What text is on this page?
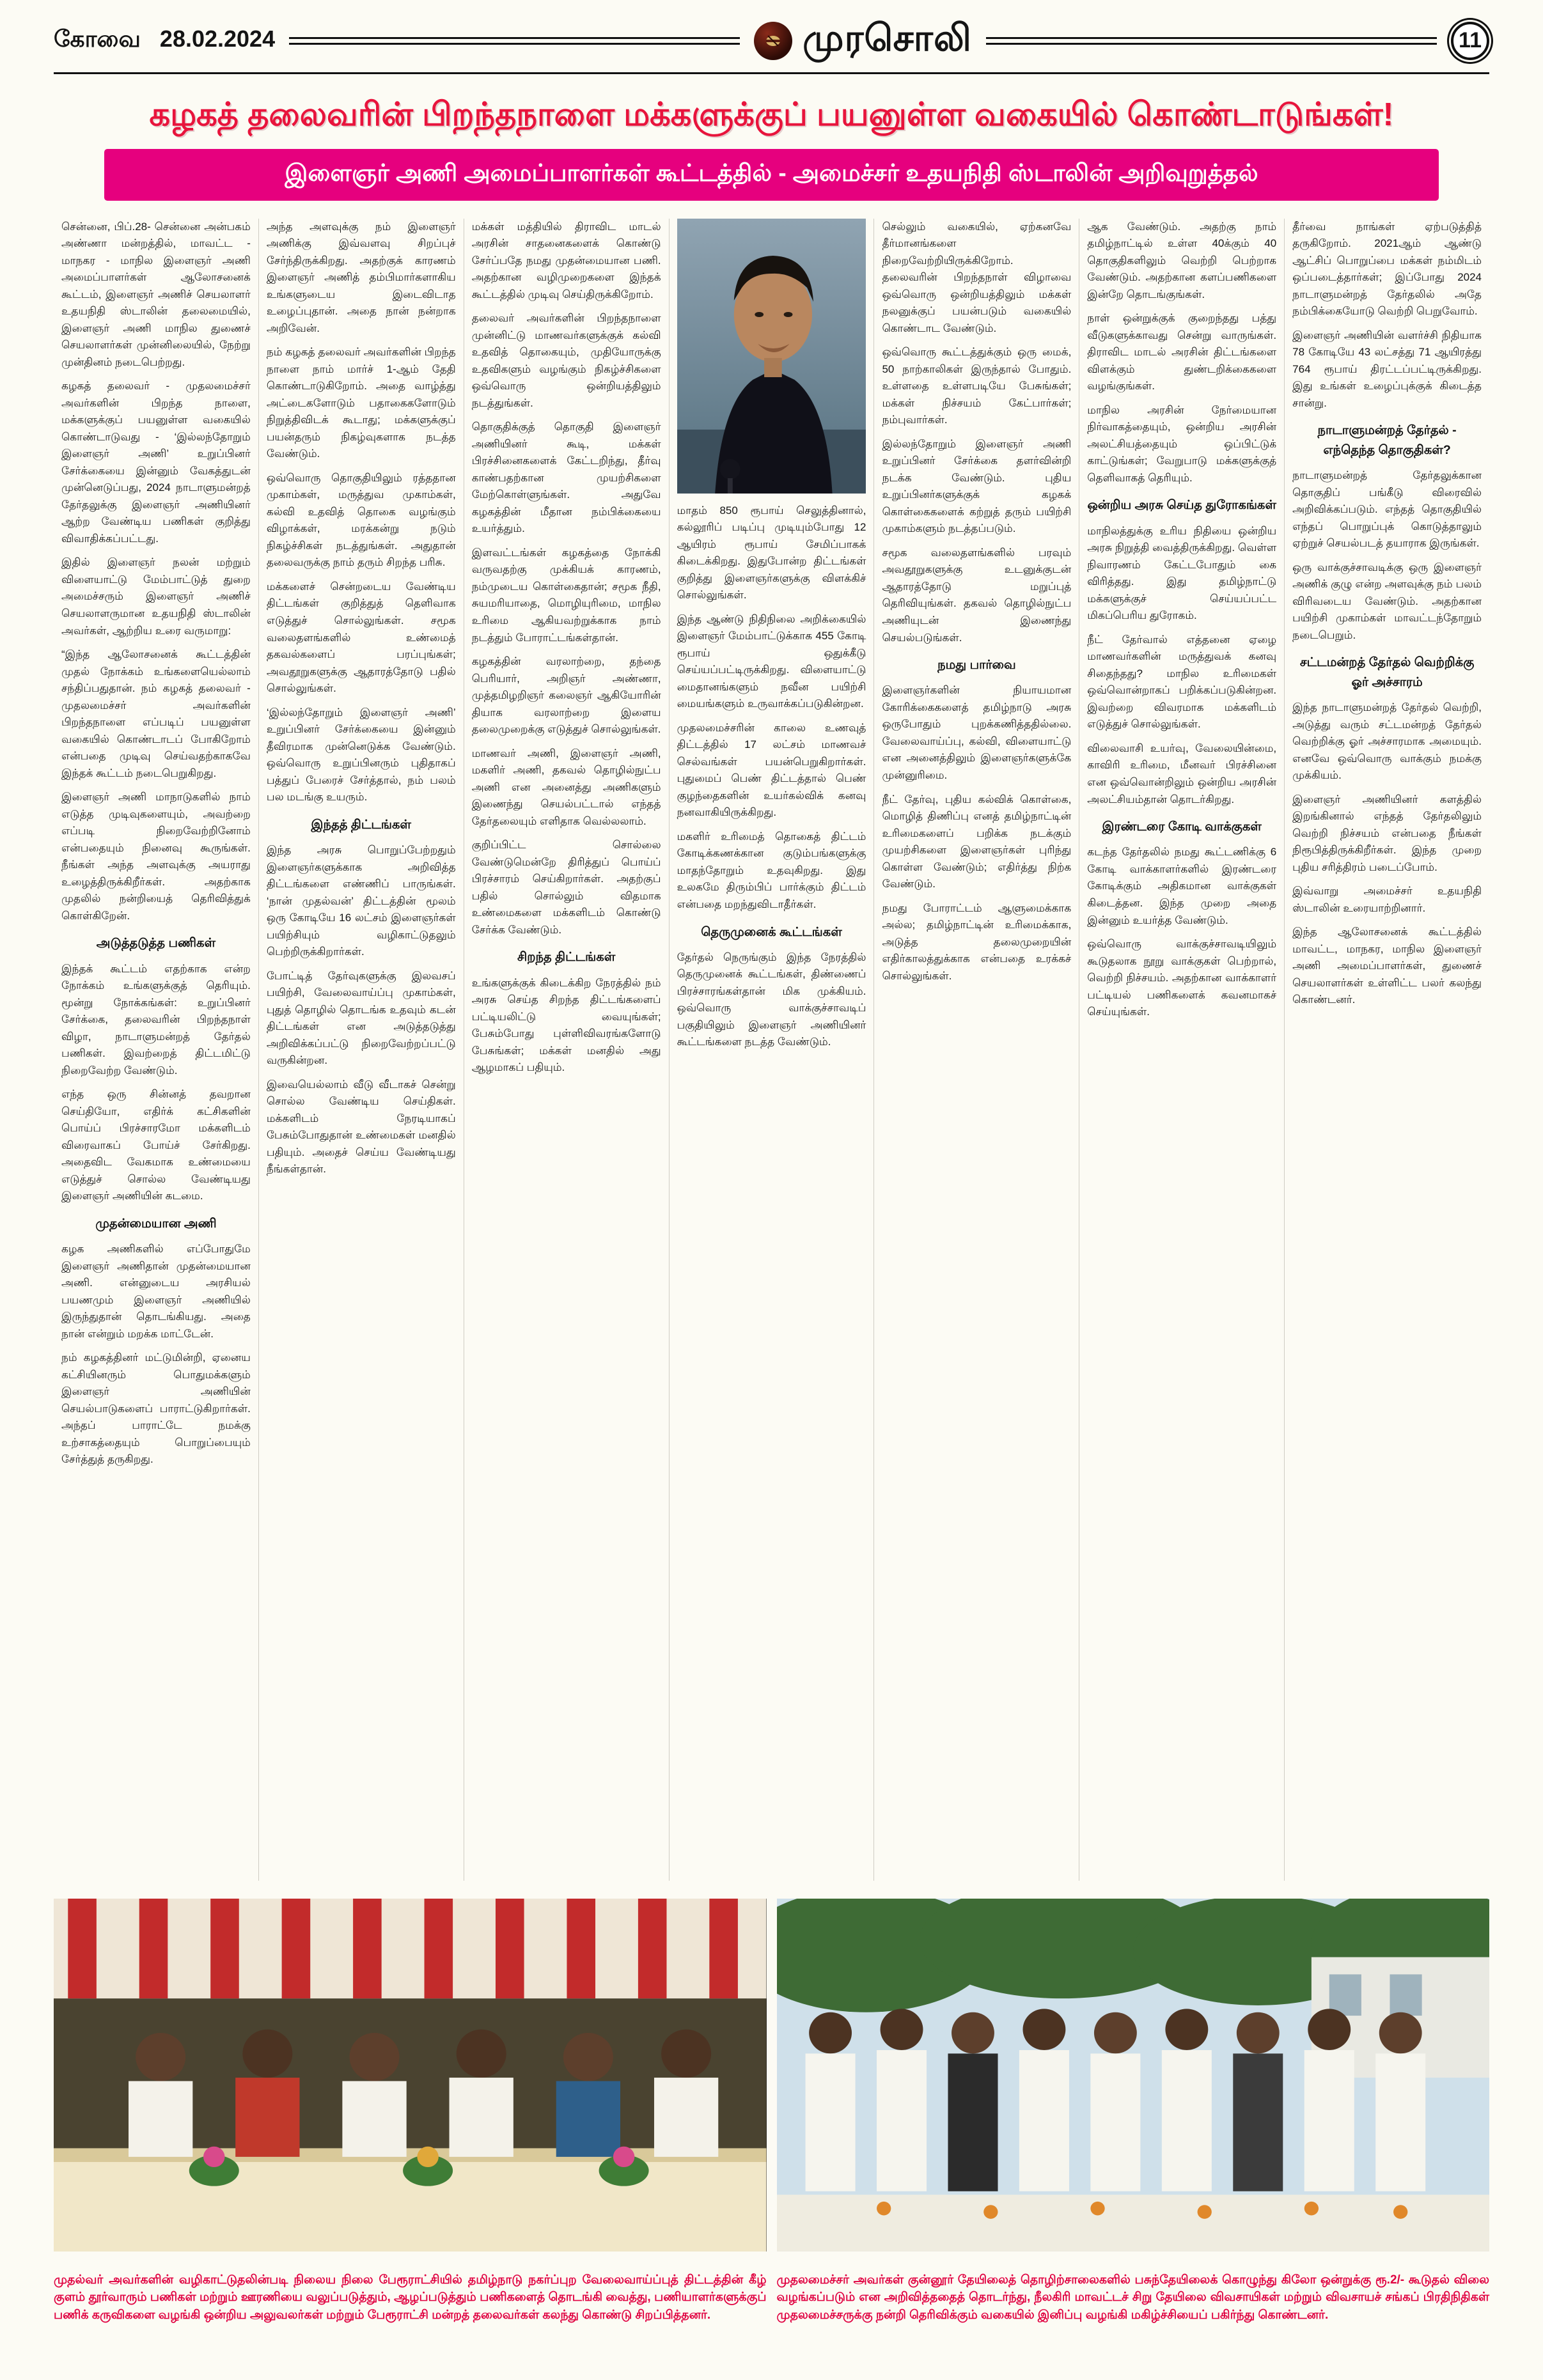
கோவை 28.02.2024	முரசொலி	11
கழகத் தலைவரின் பிறந்தநாளை மக்களுக்குப் பயனுள்ள வகையில் கொண்டாடுங்கள்!
இளைஞர் அணி அமைப்பாளர்கள் கூட்டத்தில் - அமைச்சர் உதயநிதி ஸ்டாலின் அறிவுறுத்தல்

சென்னை, பிப்.28- சென்னை அன்பகம் அண்ணா மன்றத்தில், மாவட்ட - மாநகர - மாநில இளைஞர் அணி அமைப்பாளர்கள் ஆலோசனைக் கூட்டம், இளைஞர் அணிச் செயலாளர் உதயநிதி ஸ்டாலின் தலைமையில், இளைஞர் அணி மாநில துணைச் செயலாளர்கள் முன்னிலையில், நேற்று முன்தினம் நடைபெற்றது.

கழகத் தலைவர் - முதலமைச்சர் அவர்களின் பிறந்த நாளை, மக்களுக்குப் பயனுள்ள வகையில் கொண்டாடுவது - ‘இல்லந்தோறும் இளைஞர் அணி’ உறுப்பினர் சேர்க்கையை இன்னும் வேகத்துடன் முன்னெடுப்பது, 2024 நாடாளுமன்றத் தேர்தலுக்கு இளைஞர் அணியினர் ஆற்ற வேண்டிய பணிகள் குறித்து விவாதிக்கப்பட்டது.

இதில் இளைஞர் நலன் மற்றும் விளையாட்டு மேம்பாட்டுத் துறை அமைச்சரும் இளைஞர் அணிச் செயலாளருமான உதயநிதி ஸ்டாலின் அவர்கள், ஆற்றிய உரை வருமாறு:

“இந்த ஆலோசனைக் கூட்டத்தின் முதல் நோக்கம் உங்களையெல்லாம் சந்திப்பதுதான். நம் கழகத் தலைவர் - முதலமைச்சர் அவர்களின் பிறந்தநாளை எப்படிப் பயனுள்ள வகையில் கொண்டாடப் போகிறோம் என்பதை முடிவு செய்வதற்காகவே இந்தக் கூட்டம் நடைபெறுகிறது.

இளைஞர் அணி மாநாடுகளில் நாம் எடுத்த முடிவுகளையும், அவற்றை எப்படி நிறைவேற்றினோம் என்பதையும் நினைவு கூருங்கள். நீங்கள் அந்த அளவுக்கு அயராது உழைத்திருக்கிறீர்கள். அதற்காக முதலில் நன்றியைத் தெரிவித்துக் கொள்கிறேன்.

அடுத்தடுத்த பணிகள்

இந்தக் கூட்டம் எதற்காக என்ற நோக்கம் உங்களுக்குத் தெரியும். மூன்று நோக்கங்கள்: உறுப்பினர் சேர்க்கை, தலைவரின் பிறந்தநாள் விழா, நாடாளுமன்றத் தேர்தல் பணிகள். இவற்றைத் திட்டமிட்டு நிறைவேற்ற வேண்டும்.

எந்த ஒரு சின்னத் தவறான செய்தியோ, எதிர்க் கட்சிகளின் பொய்ப் பிரச்சாரமோ மக்களிடம் விரைவாகப் போய்ச் சேர்கிறது. அதைவிட வேகமாக உண்மையை எடுத்துச் சொல்ல வேண்டியது இளைஞர் அணியின் கடமை.

முதன்மையான அணி

கழக அணிகளில் எப்போதுமே இளைஞர் அணிதான் முதன்மையான அணி. என்னுடைய அரசியல் பயணமும் இளைஞர் அணியில் இருந்துதான் தொடங்கியது. அதை நான் என்றும் மறக்க மாட்டேன்.

நம் கழகத்தினர் மட்டுமின்றி, ஏனைய கட்சியினரும் பொதுமக்களும் இளைஞர் அணியின் செயல்பாடுகளைப் பாராட்டுகிறார்கள். அந்தப் பாராட்டே நமக்கு உற்சாகத்தையும் பொறுப்பையும் சேர்த்துத் தருகிறது.

அந்த அளவுக்கு நம் இளைஞர் அணிக்கு இவ்வளவு சிறப்புச் சேர்ந்திருக்கிறது. அதற்குக் காரணம் இளைஞர் அணித் தம்பிமார்களாகிய உங்களுடைய இடைவிடாத உழைப்புதான். அதை நான் நன்றாக அறிவேன்.

நம் கழகத் தலைவர் அவர்களின் பிறந்த நாளை நாம் மார்ச் 1-ஆம் தேதி கொண்டாடுகிறோம். அதை வாழ்த்து அட்டைகளோடும் பதாகைகளோடும் நிறுத்திவிடக் கூடாது; மக்களுக்குப் பயன்தரும் நிகழ்வுகளாக நடத்த வேண்டும்.

ஒவ்வொரு தொகுதியிலும் ரத்ததான முகாம்கள், மருத்துவ முகாம்கள், கல்வி உதவித் தொகை வழங்கும் விழாக்கள், மரக்கன்று நடும் நிகழ்ச்சிகள் நடத்துங்கள். அதுதான் தலைவருக்கு நாம் தரும் சிறந்த பரிசு.

மக்களைச் சென்றடைய வேண்டிய திட்டங்கள் குறித்துத் தெளிவாக எடுத்துச் சொல்லுங்கள். சமூக வலைதளங்களில் உண்மைத் தகவல்களைப் பரப்புங்கள்; அவதூறுகளுக்கு ஆதாரத்தோடு பதில் சொல்லுங்கள்.

‘இல்லந்தோறும் இளைஞர் அணி’ உறுப்பினர் சேர்க்கையை இன்னும் தீவிரமாக முன்னெடுக்க வேண்டும். ஒவ்வொரு உறுப்பினரும் புதிதாகப் பத்துப் பேரைச் சேர்த்தால், நம் பலம் பல மடங்கு உயரும்.

இந்தத் திட்டங்கள்

இந்த அரசு பொறுப்பேற்றதும் இளைஞர்களுக்காக அறிவித்த திட்டங்களை எண்ணிப் பாருங்கள். ‘நான் முதல்வன்’ திட்டத்தின் மூலம் ஒரு கோடியே 16 லட்சம் இளைஞர்கள் பயிற்சியும் வழிகாட்டுதலும் பெற்றிருக்கிறார்கள்.

போட்டித் தேர்வுகளுக்கு இலவசப் பயிற்சி, வேலைவாய்ப்பு முகாம்கள், புதுத் தொழில் தொடங்க உதவும் கடன் திட்டங்கள் என அடுத்தடுத்து அறிவிக்கப்பட்டு நிறைவேற்றப்பட்டு வருகின்றன.

இவையெல்லாம் வீடு வீடாகச் சென்று சொல்ல வேண்டிய செய்திகள். மக்களிடம் நேரடியாகப் பேசும்போதுதான் உண்மைகள் மனதில் பதியும். அதைச் செய்ய வேண்டியது நீங்கள்தான்.

மக்கள் மத்தியில் திராவிட மாடல் அரசின் சாதனைகளைக் கொண்டு சேர்ப்பதே நமது முதன்மையான பணி. அதற்கான வழிமுறைகளை இந்தக் கூட்டத்தில் முடிவு செய்திருக்கிறோம்.

தலைவர் அவர்களின் பிறந்தநாளை முன்னிட்டு மாணவர்களுக்குக் கல்வி உதவித் தொகையும், முதியோருக்கு உதவிகளும் வழங்கும் நிகழ்ச்சிகளை ஒவ்வொரு ஒன்றியத்திலும் நடத்துங்கள்.

தொகுதிக்குத் தொகுதி இளைஞர் அணியினர் கூடி, மக்கள் பிரச்சினைகளைக் கேட்டறிந்து, தீர்வு காண்பதற்கான முயற்சிகளை மேற்கொள்ளுங்கள். அதுவே கழகத்தின் மீதான நம்பிக்கையை உயர்த்தும்.

இளவட்டங்கள் கழகத்தை நோக்கி வருவதற்கு முக்கியக் காரணம், நம்முடைய கொள்கைதான்; சமூக நீதி, சுயமரியாதை, மொழியுரிமை, மாநில உரிமை ஆகியவற்றுக்காக நாம் நடத்தும் போராட்டங்கள்தான்.

கழகத்தின் வரலாற்றை, தந்தை பெரியார், அறிஞர் அண்ணா, முத்தமிழறிஞர் கலைஞர் ஆகியோரின் தியாக வரலாற்றை இளைய தலைமுறைக்கு எடுத்துச் சொல்லுங்கள்.

மாணவர் அணி, இளைஞர் அணி, மகளிர் அணி, தகவல் தொழில்நுட்ப அணி என அனைத்து அணிகளும் இணைந்து செயல்பட்டால் எந்தத் தேர்தலையும் எளிதாக வெல்லலாம்.

குறிப்பிட்ட சொல்லை வேண்டுமென்றே திரித்துப் பொய்ப் பிரச்சாரம் செய்கிறார்கள். அதற்குப் பதில் சொல்லும் விதமாக உண்மைகளை மக்களிடம் கொண்டு சேர்க்க வேண்டும்.

சிறந்த திட்டங்கள்

உங்களுக்குக் கிடைக்கிற நேரத்தில் நம் அரசு செய்த சிறந்த திட்டங்களைப் பட்டியலிட்டு வையுங்கள்; பேசும்போது புள்ளிவிவரங்களோடு பேசுங்கள்; மக்கள் மனதில் அது ஆழமாகப் பதியும்.

மாதம் 850 ரூபாய் செலுத்தினால், கல்லூரிப் படிப்பு முடியும்போது 12 ஆயிரம் ரூபாய் சேமிப்பாகக் கிடைக்கிறது. இதுபோன்ற திட்டங்கள் குறித்து இளைஞர்களுக்கு விளக்கிச் சொல்லுங்கள்.

இந்த ஆண்டு நிதிநிலை அறிக்கையில் இளைஞர் மேம்பாட்டுக்காக 455 கோடி ரூபாய் ஒதுக்கீடு செய்யப்பட்டிருக்கிறது. விளையாட்டு மைதானங்களும் நவீன பயிற்சி மையங்களும் உருவாக்கப்படுகின்றன.

முதலமைச்சரின் காலை உணவுத் திட்டத்தில் 17 லட்சம் மாணவச் செல்வங்கள் பயன்பெறுகிறார்கள். புதுமைப் பெண் திட்டத்தால் பெண் குழந்தைகளின் உயர்கல்விக் கனவு நனவாகியிருக்கிறது.

மகளிர் உரிமைத் தொகைத் திட்டம் கோடிக்கணக்கான குடும்பங்களுக்கு மாதந்தோறும் உதவுகிறது. இது உலகமே திரும்பிப் பார்க்கும் திட்டம் என்பதை மறந்துவிடாதீர்கள்.

தெருமுனைக் கூட்டங்கள்

தேர்தல் நெருங்கும் இந்த நேரத்தில் தெருமுனைக் கூட்டங்கள், திண்ணைப் பிரச்சாரங்கள்தான் மிக முக்கியம். ஒவ்வொரு வாக்குச்சாவடிப் பகுதியிலும் இளைஞர் அணியினர் கூட்டங்களை நடத்த வேண்டும்.

செல்லும் வகையில், ஏற்கனவே தீர்மானங்களை நிறைவேற்றியிருக்கிறோம். தலைவரின் பிறந்தநாள் விழாவை ஒவ்வொரு ஒன்றியத்திலும் மக்கள் நலனுக்குப் பயன்படும் வகையில் கொண்டாட வேண்டும்.

ஒவ்வொரு கூட்டத்துக்கும் ஒரு மைக், 50 நாற்காலிகள் இருந்தால் போதும். உள்ளதை உள்ளபடியே பேசுங்கள்; மக்கள் நிச்சயம் கேட்பார்கள்; நம்புவார்கள்.

இல்லந்தோறும் இளைஞர் அணி உறுப்பினர் சேர்க்கை தளர்வின்றி நடக்க வேண்டும். புதிய உறுப்பினர்களுக்குக் கழகக் கொள்கைகளைக் கற்றுத் தரும் பயிற்சி முகாம்களும் நடத்தப்படும்.

சமூக வலைதளங்களில் பரவும் அவதூறுகளுக்கு உடனுக்குடன் ஆதாரத்தோடு மறுப்புத் தெரிவியுங்கள். தகவல் தொழில்நுட்ப அணியுடன் இணைந்து செயல்படுங்கள்.

நமது பார்வை

இளைஞர்களின் நியாயமான கோரிக்கைகளைத் தமிழ்நாடு அரசு ஒருபோதும் புறக்கணித்ததில்லை. வேலைவாய்ப்பு, கல்வி, விளையாட்டு என அனைத்திலும் இளைஞர்களுக்கே முன்னுரிமை.

நீட் தேர்வு, புதிய கல்விக் கொள்கை, மொழித் திணிப்பு எனத் தமிழ்நாட்டின் உரிமைகளைப் பறிக்க நடக்கும் முயற்சிகளை இளைஞர்கள் புரிந்து கொள்ள வேண்டும்; எதிர்த்து நிற்க வேண்டும்.

நமது போராட்டம் ஆளுமைக்காக அல்ல; தமிழ்நாட்டின் உரிமைக்காக, அடுத்த தலைமுறையின் எதிர்காலத்துக்காக என்பதை உரக்கச் சொல்லுங்கள்.

ஆக வேண்டும். அதற்கு நாம் தமிழ்நாட்டில் உள்ள 40க்கும் 40 தொகுதிகளிலும் வெற்றி பெற்றாக வேண்டும். அதற்கான களப்பணிகளை இன்றே தொடங்குங்கள்.

நாள் ஒன்றுக்குக் குறைந்தது பத்து வீடுகளுக்காவது சென்று வாருங்கள். திராவிட மாடல் அரசின் திட்டங்களை விளக்கும் துண்டறிக்கைகளை வழங்குங்கள்.

மாநில அரசின் நேர்மையான நிர்வாகத்தையும், ஒன்றிய அரசின் அலட்சியத்தையும் ஒப்பிட்டுக் காட்டுங்கள்; வேறுபாடு மக்களுக்குத் தெளிவாகத் தெரியும்.

ஒன்றிய அரசு செய்த துரோகங்கள்

மாநிலத்துக்கு உரிய நிதியை ஒன்றிய அரசு நிறுத்தி வைத்திருக்கிறது. வெள்ள நிவாரணம் கேட்டபோதும் கை விரித்தது. இது தமிழ்நாட்டு மக்களுக்குச் செய்யப்பட்ட மிகப்பெரிய துரோகம்.

நீட் தேர்வால் எத்தனை ஏழை மாணவர்களின் மருத்துவக் கனவு சிதைந்தது? மாநில உரிமைகள் ஒவ்வொன்றாகப் பறிக்கப்படுகின்றன. இவற்றை விவரமாக மக்களிடம் எடுத்துச் சொல்லுங்கள்.

விலைவாசி உயர்வு, வேலையின்மை, காவிரி உரிமை, மீனவர் பிரச்சினை என ஒவ்வொன்றிலும் ஒன்றிய அரசின் அலட்சியம்தான் தொடர்கிறது.

இரண்டரை கோடி வாக்குகள்

கடந்த தேர்தலில் நமது கூட்டணிக்கு 6 கோடி வாக்காளர்களில் இரண்டரை கோடிக்கும் அதிகமான வாக்குகள் கிடைத்தன. இந்த முறை அதை இன்னும் உயர்த்த வேண்டும்.

ஒவ்வொரு வாக்குச்சாவடியிலும் கூடுதலாக நூறு வாக்குகள் பெற்றால், வெற்றி நிச்சயம். அதற்கான வாக்காளர் பட்டியல் பணிகளைக் கவனமாகச் செய்யுங்கள்.

தீர்வை நாங்கள் ஏற்படுத்தித் தருகிறோம். 2021ஆம் ஆண்டு ஆட்சிப் பொறுப்பை மக்கள் நம்மிடம் ஒப்படைத்தார்கள்; இப்போது 2024 நாடாளுமன்றத் தேர்தலில் அதே நம்பிக்கையோடு வெற்றி பெறுவோம்.

இளைஞர் அணியின் வளர்ச்சி நிதியாக 78 கோடியே 43 லட்சத்து 71 ஆயிரத்து 764 ரூபாய் திரட்டப்பட்டிருக்கிறது. இது உங்கள் உழைப்புக்குக் கிடைத்த சான்று.

நாடாளுமன்றத் தேர்தல் - எந்தெந்த தொகுதிகள்?

நாடாளுமன்றத் தேர்தலுக்கான தொகுதிப் பங்கீடு விரைவில் அறிவிக்கப்படும். எந்தத் தொகுதியில் எந்தப் பொறுப்புக் கொடுத்தாலும் ஏற்றுச் செயல்படத் தயாராக இருங்கள்.

ஒரு வாக்குச்சாவடிக்கு ஒரு இளைஞர் அணிக் குழு என்ற அளவுக்கு நம் பலம் விரிவடைய வேண்டும். அதற்கான பயிற்சி முகாம்கள் மாவட்டந்தோறும் நடைபெறும்.

சட்டமன்றத் தேர்தல் வெற்றிக்கு ஓர் அச்சாரம்

இந்த நாடாளுமன்றத் தேர்தல் வெற்றி, அடுத்து வரும் சட்டமன்றத் தேர்தல் வெற்றிக்கு ஓர் அச்சாரமாக அமையும். எனவே ஒவ்வொரு வாக்கும் நமக்கு முக்கியம்.

இளைஞர் அணியினர் களத்தில் இறங்கினால் எந்தத் தேர்தலிலும் வெற்றி நிச்சயம் என்பதை நீங்கள் நிரூபித்திருக்கிறீர்கள். இந்த முறை புதிய சரித்திரம் படைப்போம்.

இவ்வாறு அமைச்சர் உதயநிதி ஸ்டாலின் உரையாற்றினார்.

இந்த ஆலோசனைக் கூட்டத்தில் மாவட்ட, மாநகர, மாநில இளைஞர் அணி அமைப்பாளர்கள், துணைச் செயலாளர்கள் உள்ளிட்ட பலர் கலந்து கொண்டனர்.

முதல்வர் அவர்களின் வழிகாட்டுதலின்படி நிலைய நிலை பேரூராட்சியில் தமிழ்நாடு நகர்ப்புற வேலைவாய்ப்புத் திட்டத்தின் கீழ் குளம் தூர்வாரும் பணிகள் மற்றும் ஊரணியை வலுப்படுத்தும், ஆழப்படுத்தும் பணிகளைத் தொடங்கி வைத்து, பணியாளர்களுக்குப் பணிக் கருவிகளை வழங்கி ஒன்றிய அலுவலர்கள் மற்றும் பேரூராட்சி மன்றத் தலைவர்கள் கலந்து கொண்டு சிறப்பித்தனர்.

முதலமைச்சர் அவர்கள் குன்னூர் தேயிலைத் தொழிற்சாலைகளில் பசுந்தேயிலைக் கொழுந்து கிலோ ஒன்றுக்கு ரூ.2/- கூடுதல் விலை வழங்கப்படும் என அறிவித்ததைத் தொடர்ந்து, நீலகிரி மாவட்டச் சிறு தேயிலை விவசாயிகள் மற்றும் விவசாயச் சங்கப் பிரதிநிதிகள் முதலமைச்சருக்கு நன்றி தெரிவிக்கும் வகையில் இனிப்பு வழங்கி மகிழ்ச்சியைப் பகிர்ந்து கொண்டனர்.
